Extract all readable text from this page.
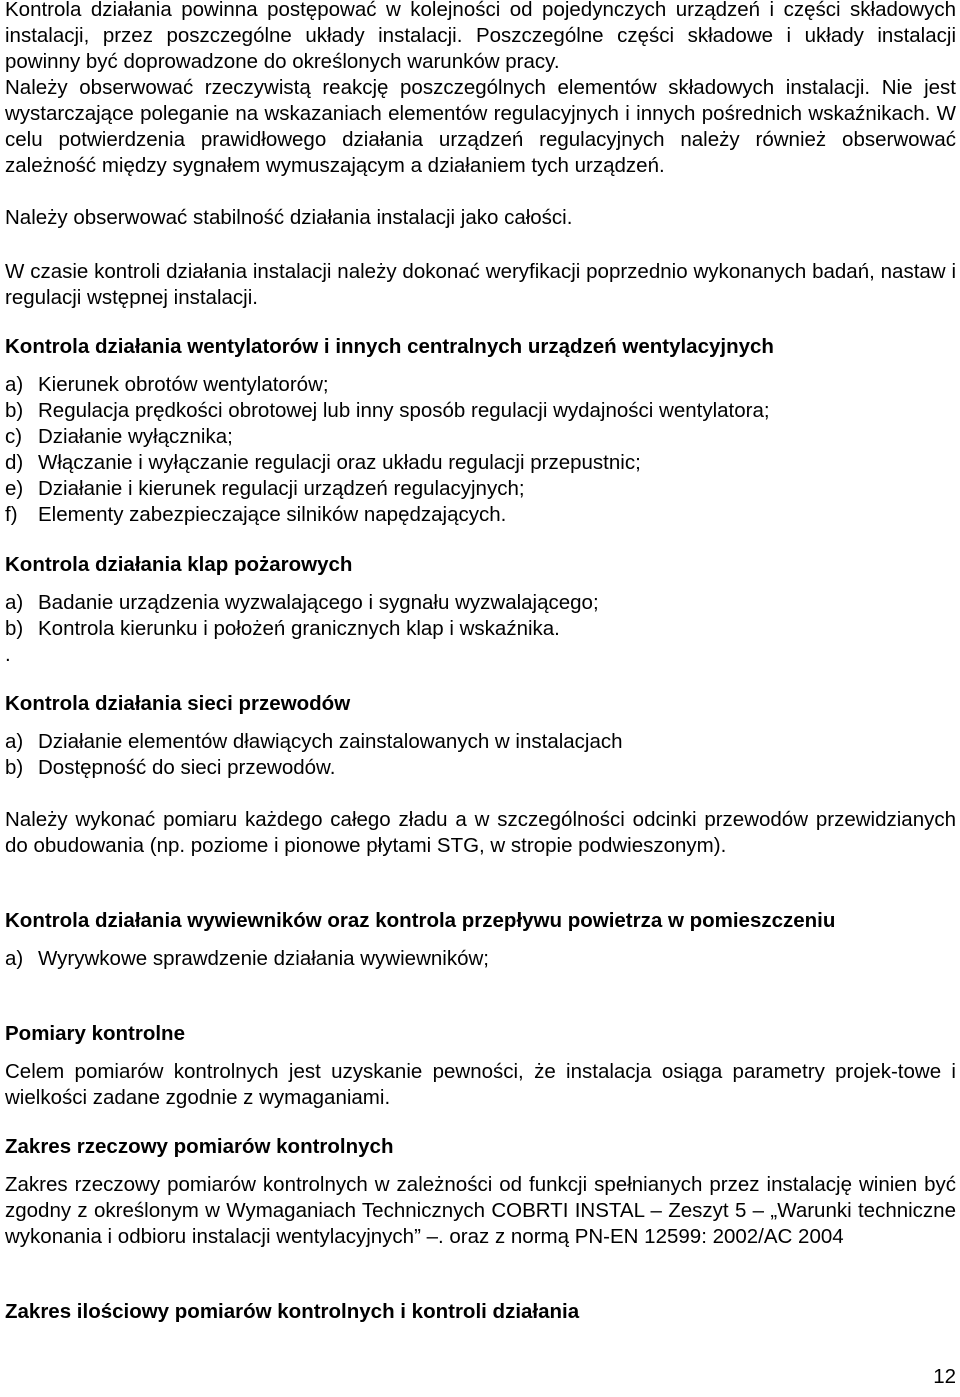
Kontrola działania powinna postępować w kolejności od pojedynczych urządzeń i części składowych instalacji, przez poszczególne układy instalacji. Poszczególne części składowe i układy instalacji powinny być doprowadzone do określonych warunków pracy.

Należy obserwować rzeczywistą reakcję poszczególnych elementów składowych instalacji. Nie jest wystarczające poleganie na wskazaniach elementów regulacyjnych i innych pośrednich wskaźnikach. W celu potwierdzenia prawidłowego działania urządzeń regulacyjnych należy również obserwować zależność między sygnałem wymuszającym a działaniem tych urządzeń.

Należy obserwować stabilność działania instalacji jako całości.

W czasie kontroli działania instalacji należy dokonać weryfikacji poprzednio wykonanych badań, nastaw i regulacji wstępnej instalacji.

Kontrola działania wentylatorów i innych centralnych urządzeń wentylacyjnych

a) Kierunek obrotów wentylatorów;
b) Regulacja prędkości obrotowej lub inny sposób regulacji wydajności wentylatora;
c) Działanie wyłącznika;
d) Włączanie i wyłączanie regulacji oraz układu regulacji przepustnic;
e) Działanie i kierunek regulacji urządzeń regulacyjnych;
f) Elementy zabezpieczające silników napędzających.

Kontrola działania klap pożarowych

a) Badanie urządzenia wyzwalającego i sygnału wyzwalającego;
b) Kontrola kierunku i położeń granicznych klap i wskaźnika.
.

Kontrola działania sieci przewodów

a) Działanie elementów dławiących zainstalowanych w instalacjach
b) Dostępność do sieci przewodów.

Należy wykonać pomiaru każdego całego zładu a w szczególności odcinki przewodów przewidzianych do obudowania (np. poziome i pionowe płytami STG, w stropie podwieszonym).

Kontrola działania wywiewników oraz kontrola przepływu powietrza w pomieszczeniu

a) Wyrywkowe sprawdzenie działania wywiewników;

Pomiary kontrolne

Celem pomiarów kontrolnych jest uzyskanie pewności, że instalacja osiąga parametry projek-towe i wielkości zadane zgodnie z wymaganiami.

Zakres rzeczowy pomiarów kontrolnych

Zakres rzeczowy pomiarów kontrolnych w zależności od funkcji spełnianych przez instalację winien być zgodny z określonym w Wymaganiach Technicznych COBRTI INSTAL – Zeszyt 5 – „Warunki techniczne wykonania i odbioru instalacji wentylacyjnych” –. oraz z normą PN-EN 12599: 2002/AC 2004

Zakres ilościowy pomiarów kontrolnych i kontroli działania

12
